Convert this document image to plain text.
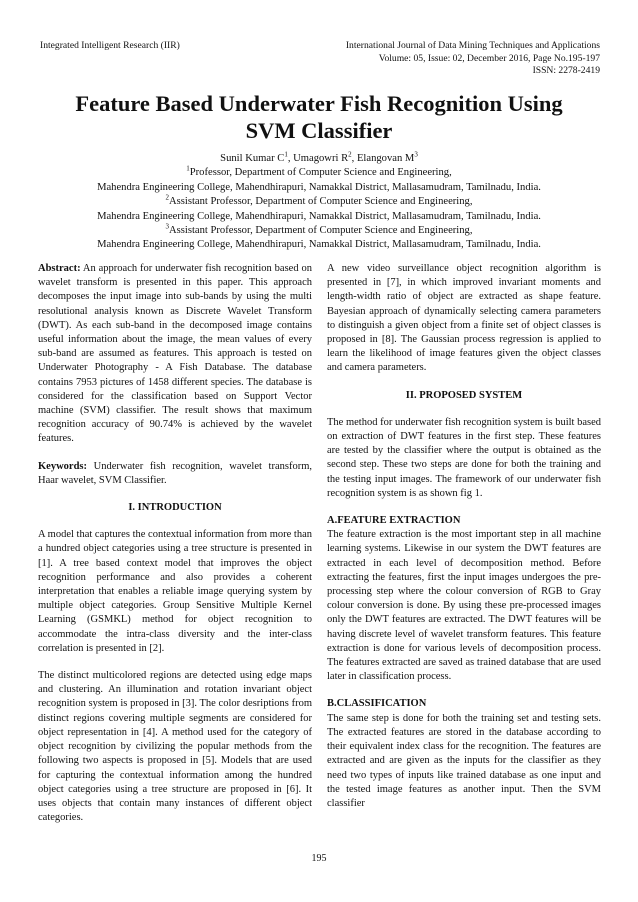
Integrated Intelligent Research (IIR)	International Journal of Data Mining Techniques and Applications
Volume: 05, Issue: 02, December 2016, Page No.195-197
ISSN: 2278-2419
Feature Based Underwater Fish Recognition Using
SVM Classifier
Sunil Kumar $C^1$, Umagowri $R^2$, Elangovan $M^3$
$^1$Professor, Department of Computer Science and Engineering,
Mahendra Engineering College, Mahendhirapuri, Namakkal District, Mallasamudram, Tamilnadu, India.
$^2$Assistant Professor, Department of Computer Science and Engineering,
Mahendra Engineering College, Mahendhirapuri, Namakkal District, Mallasamudram, Tamilnadu, India.
$^3$Assistant Professor, Department of Computer Science and Engineering,
Mahendra Engineering College, Mahendhirapuri, Namakkal District, Mallasamudram, Tamilnadu, India.

Abstract: An approach for underwater fish recognition based on wavelet transform is presented in this paper. This approach decomposes the input image into sub-bands by using the multi resolutional analysis known as Discrete Wavelet Transform (DWT). As each sub-band in the decomposed image contains useful information about the image, the mean values of every sub-band are assumed as features. This approach is tested on Underwater Photography - A Fish Database. The database contains 7953 pictures of 1458 different species. The database is considered for the classification based on Support Vector machine (SVM) classifier. The result shows that maximum recognition accuracy of 90.74% is achieved by the wavelet features.

Keywords: Underwater fish recognition, wavelet transform, Haar wavelet, SVM Classifier.

I. INTRODUCTION

A model that captures the contextual information from more than a hundred object categories using a tree structure is presented in [1]. A tree based context model that improves the object recognition performance and also provides a coherent interpretation that enables a reliable image querying system by multiple object categories. Group Sensitive Multiple Kernel Learning (GSMKL) method for object recognition to accommodate the intra-class diversity and the inter-class correlation is presented in [2].

The distinct multicolored regions are detected using edge maps and clustering. An illumination and rotation invariant object recognition system is proposed in [3]. The color desriptions from distinct regions covering multiple segments are considered for object representation in [4]. A method used for the category of object recognition by civilizing the popular methods from the following two aspects is proposed in [5]. Models that are used for capturing the contextual information among the hundred object categories using a tree structure are proposed in [6]. It uses objects that contain many instances of different object categories.

A new video surveillance object recognition algorithm is presented in [7], in which improved invariant moments and length-width ratio of object are extracted as shape feature. Bayesian approach of dynamically selecting camera parameters to distinguish a given object from a finite set of object classes is proposed in [8]. The Gaussian process regression is applied to learn the likelihood of image features given the object classes and camera parameters.

II. PROPOSED SYSTEM

The method for underwater fish recognition system is built based on extraction of DWT features in the first step. These features are tested by the classifier where the output is obtained as the second step. These two steps are done for both the training and the testing input images. The framework of our underwater fish recognition system is as shown fig 1.

A.FEATURE EXTRACTION

The feature extraction is the most important step in all machine learning systems. Likewise in our system the DWT features are extracted in each level of decomposition method. Before extracting the features, first the input images undergoes the pre-processing step where the colour conversion of RGB to Gray colour conversion is done. By using these pre-processed images only the DWT features are extracted. The DWT features will be having discrete level of wavelet transform features. This feature extraction is done for various levels of decomposition process. The features extracted are saved as trained database that are used later in classification process.

B.CLASSIFICATION

The same step is done for both the training set and testing sets. The extracted features are stored in the database according to their equivalent index class for the recognition. The features are extracted and are given as the inputs for the classifier as they need two types of inputs like trained database as one input and the tested image features as another input. Then the SVM classifier

195
